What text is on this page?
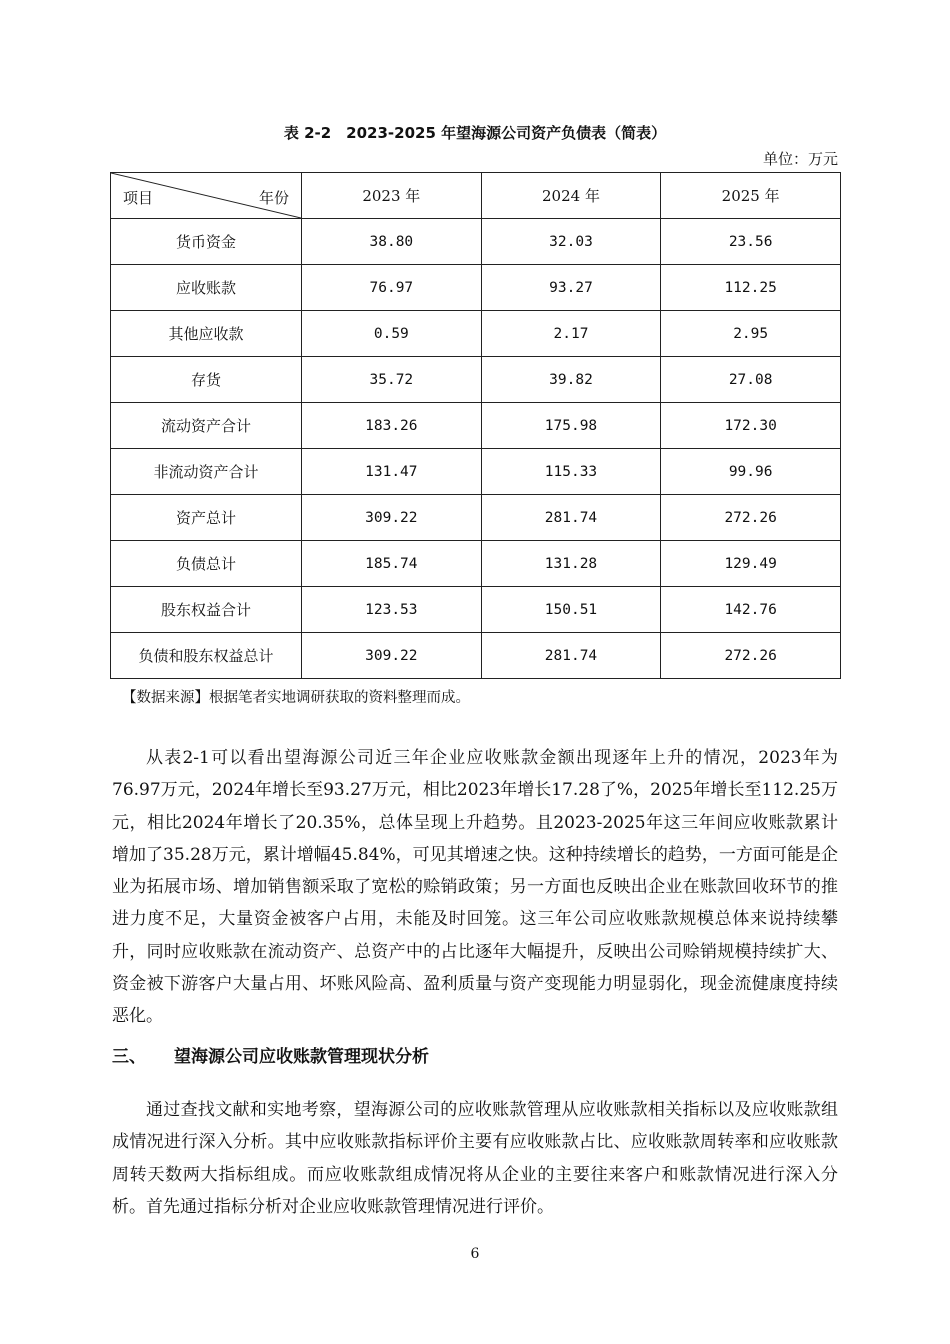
表 2-2　2023-2025 年望海源公司资产负债表（简表）
单位：万元
项目 年份	2023 年	2024 年	2025 年
货币资金	38.80	32.03	23.56
应收账款	76.97	93.27	112.25
其他应收款	0.59	2.17	2.95
存货	35.72	39.82	27.08
流动资产合计	183.26	175.98	172.30
非流动资产合计	131.47	115.33	99.96
资产总计	309.22	281.74	272.26
负债总计	185.74	131.28	129.49
股东权益合计	123.53	150.51	142.76
负债和股东权益总计	309.22	281.74	272.26
【数据来源】根据笔者实地调研获取的资料整理而成。

从表2-1可以看出望海源公司近三年企业应收账款金额出现逐年上升的情况，2023年为76.97万元，2024年增长至93.27万元，相比2023年增长17.28了%，2025年增长至112.25万元，相比2024年增长了20.35%，总体呈现上升趋势。且2023-2025年这三年间应收账款累计增加了35.28万元，累计增幅45.84%，可见其增速之快。这种持续增长的趋势，一方面可能是企业为拓展市场、增加销售额采取了宽松的赊销政策；另一方面也反映出企业在账款回收环节的推进力度不足，大量资金被客户占用，未能及时回笼。这三年公司应收账款规模总体来说持续攀升，同时应收账款在流动资产、总资产中的占比逐年大幅提升，反映出公司赊销规模持续扩大、资金被下游客户大量占用、坏账风险高、盈利质量与资产变现能力明显弱化，现金流健康度持续恶化。

三、 望海源公司应收账款管理现状分析

通过查找文献和实地考察，望海源公司的应收账款管理从应收账款相关指标以及应收账款组成情况进行深入分析。其中应收账款指标评价主要有应收账款占比、应收账款周转率和应收账款周转天数两大指标组成。而应收账款组成情况将从企业的主要往来客户和账款情况进行深入分析。首先通过指标分析对企业应收账款管理情况进行评价。

6
